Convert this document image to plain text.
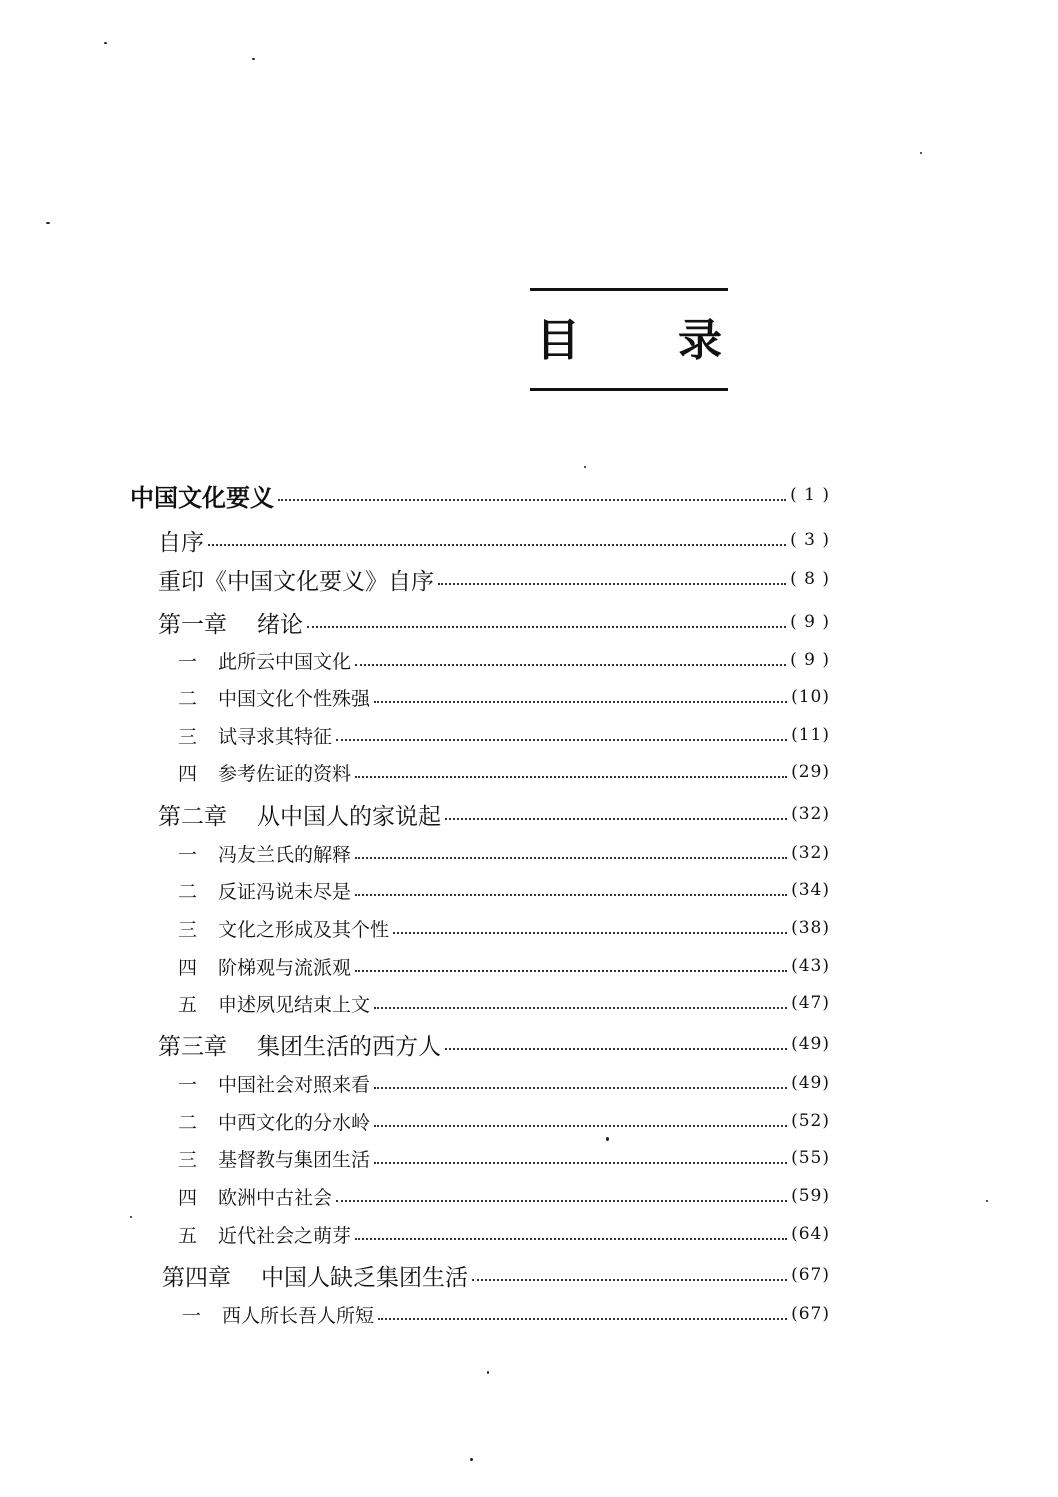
目 录
中国文化要义	( 1 )
自序	( 3 )
重印《中国文化要义》自序	( 8 )
第一章 绪论	( 9 )
一 此所云中国文化	( 9 )
二 中国文化个性殊强	(10)
三 试寻求其特征	(11)
四 参考佐证的资料	(29)
第二章 从中国人的家说起	(32)
一 冯友兰氏的解释	(32)
二 反证冯说未尽是	(34)
三 文化之形成及其个性	(38)
四 阶梯观与流派观	(43)
五 申述夙见结束上文	(47)
第三章 集团生活的西方人	(49)
一 中国社会对照来看	(49)
二 中西文化的分水岭	(52)
三 基督教与集团生活	(55)
四 欧洲中古社会	(59)
五 近代社会之萌芽	(64)
第四章 中国人缺乏集团生活	(67)
一 西人所长吾人所短	(67)
